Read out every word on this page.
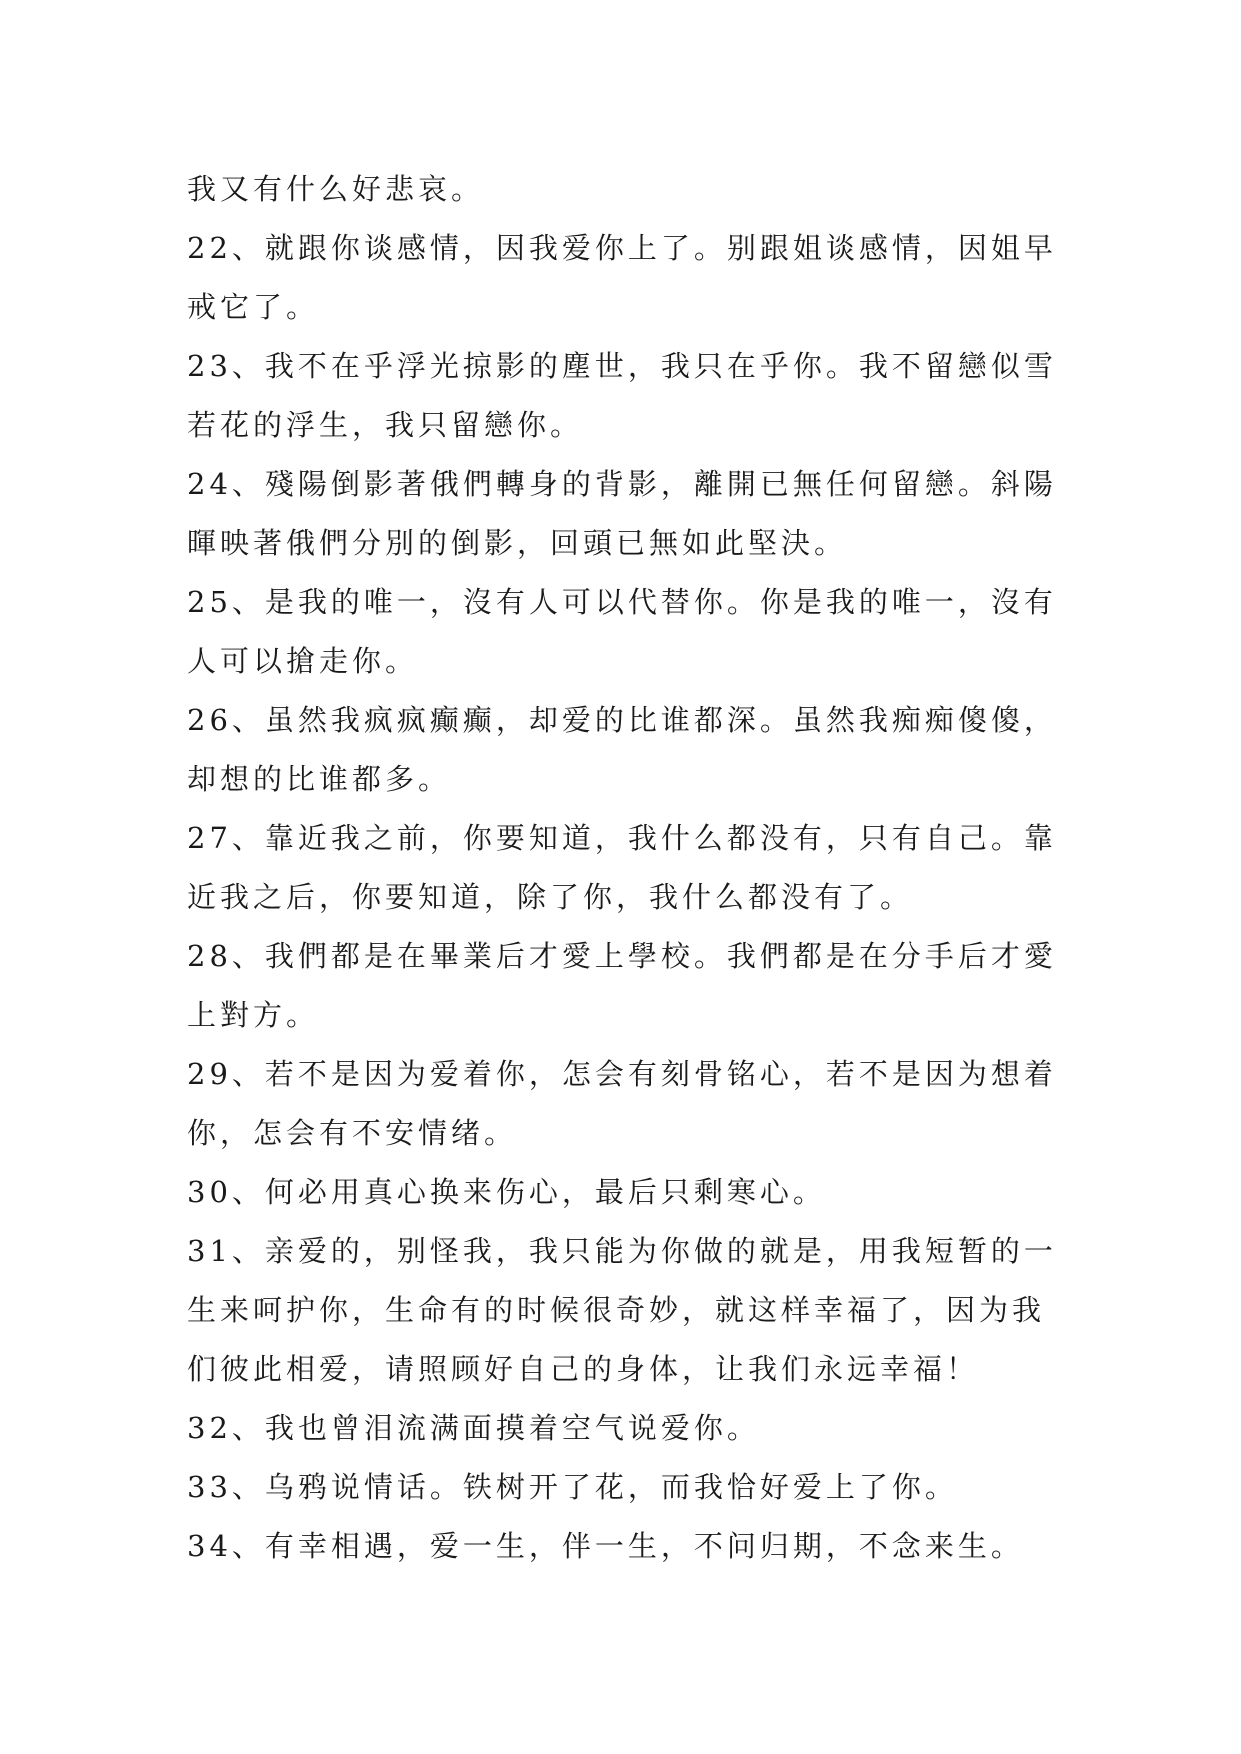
我又有什么好悲哀。
22、就跟你谈感情，因我爱你上了。别跟姐谈感情，因姐早
戒它了。
23、我不在乎浮光掠影的塵世，我只在乎你。我不留戀似雪
若花的浮生，我只留戀你。
24、殘陽倒影著俄們轉身的背影，離開已無任何留戀。斜陽
暉映著俄們分別的倒影，回頭已無如此堅決。
25、是我的唯一，沒有人可以代替你。你是我的唯一，沒有
人可以搶走你。
26、虽然我疯疯癫癫，却爱的比谁都深。虽然我痴痴傻傻，
却想的比谁都多。
27、靠近我之前，你要知道，我什么都没有，只有自己。靠
近我之后，你要知道，除了你，我什么都没有了。
28、我們都是在畢業后才愛上學校。我們都是在分手后才愛
上對方。
29、若不是因为爱着你，怎会有刻骨铭心，若不是因为想着
你，怎会有不安情绪。
30、何必用真心换来伤心，最后只剩寒心。
31、亲爱的，别怪我，我只能为你做的就是，用我短暂的一
生来呵护你，生命有的时候很奇妙，就这样幸福了，因为我
们彼此相爱，请照顾好自己的身体，让我们永远幸福！
32、我也曾泪流满面摸着空气说爱你。
33、乌鸦说情话。铁树开了花，而我恰好爱上了你。
34、有幸相遇，爱一生，伴一生，不问归期，不念来生。
